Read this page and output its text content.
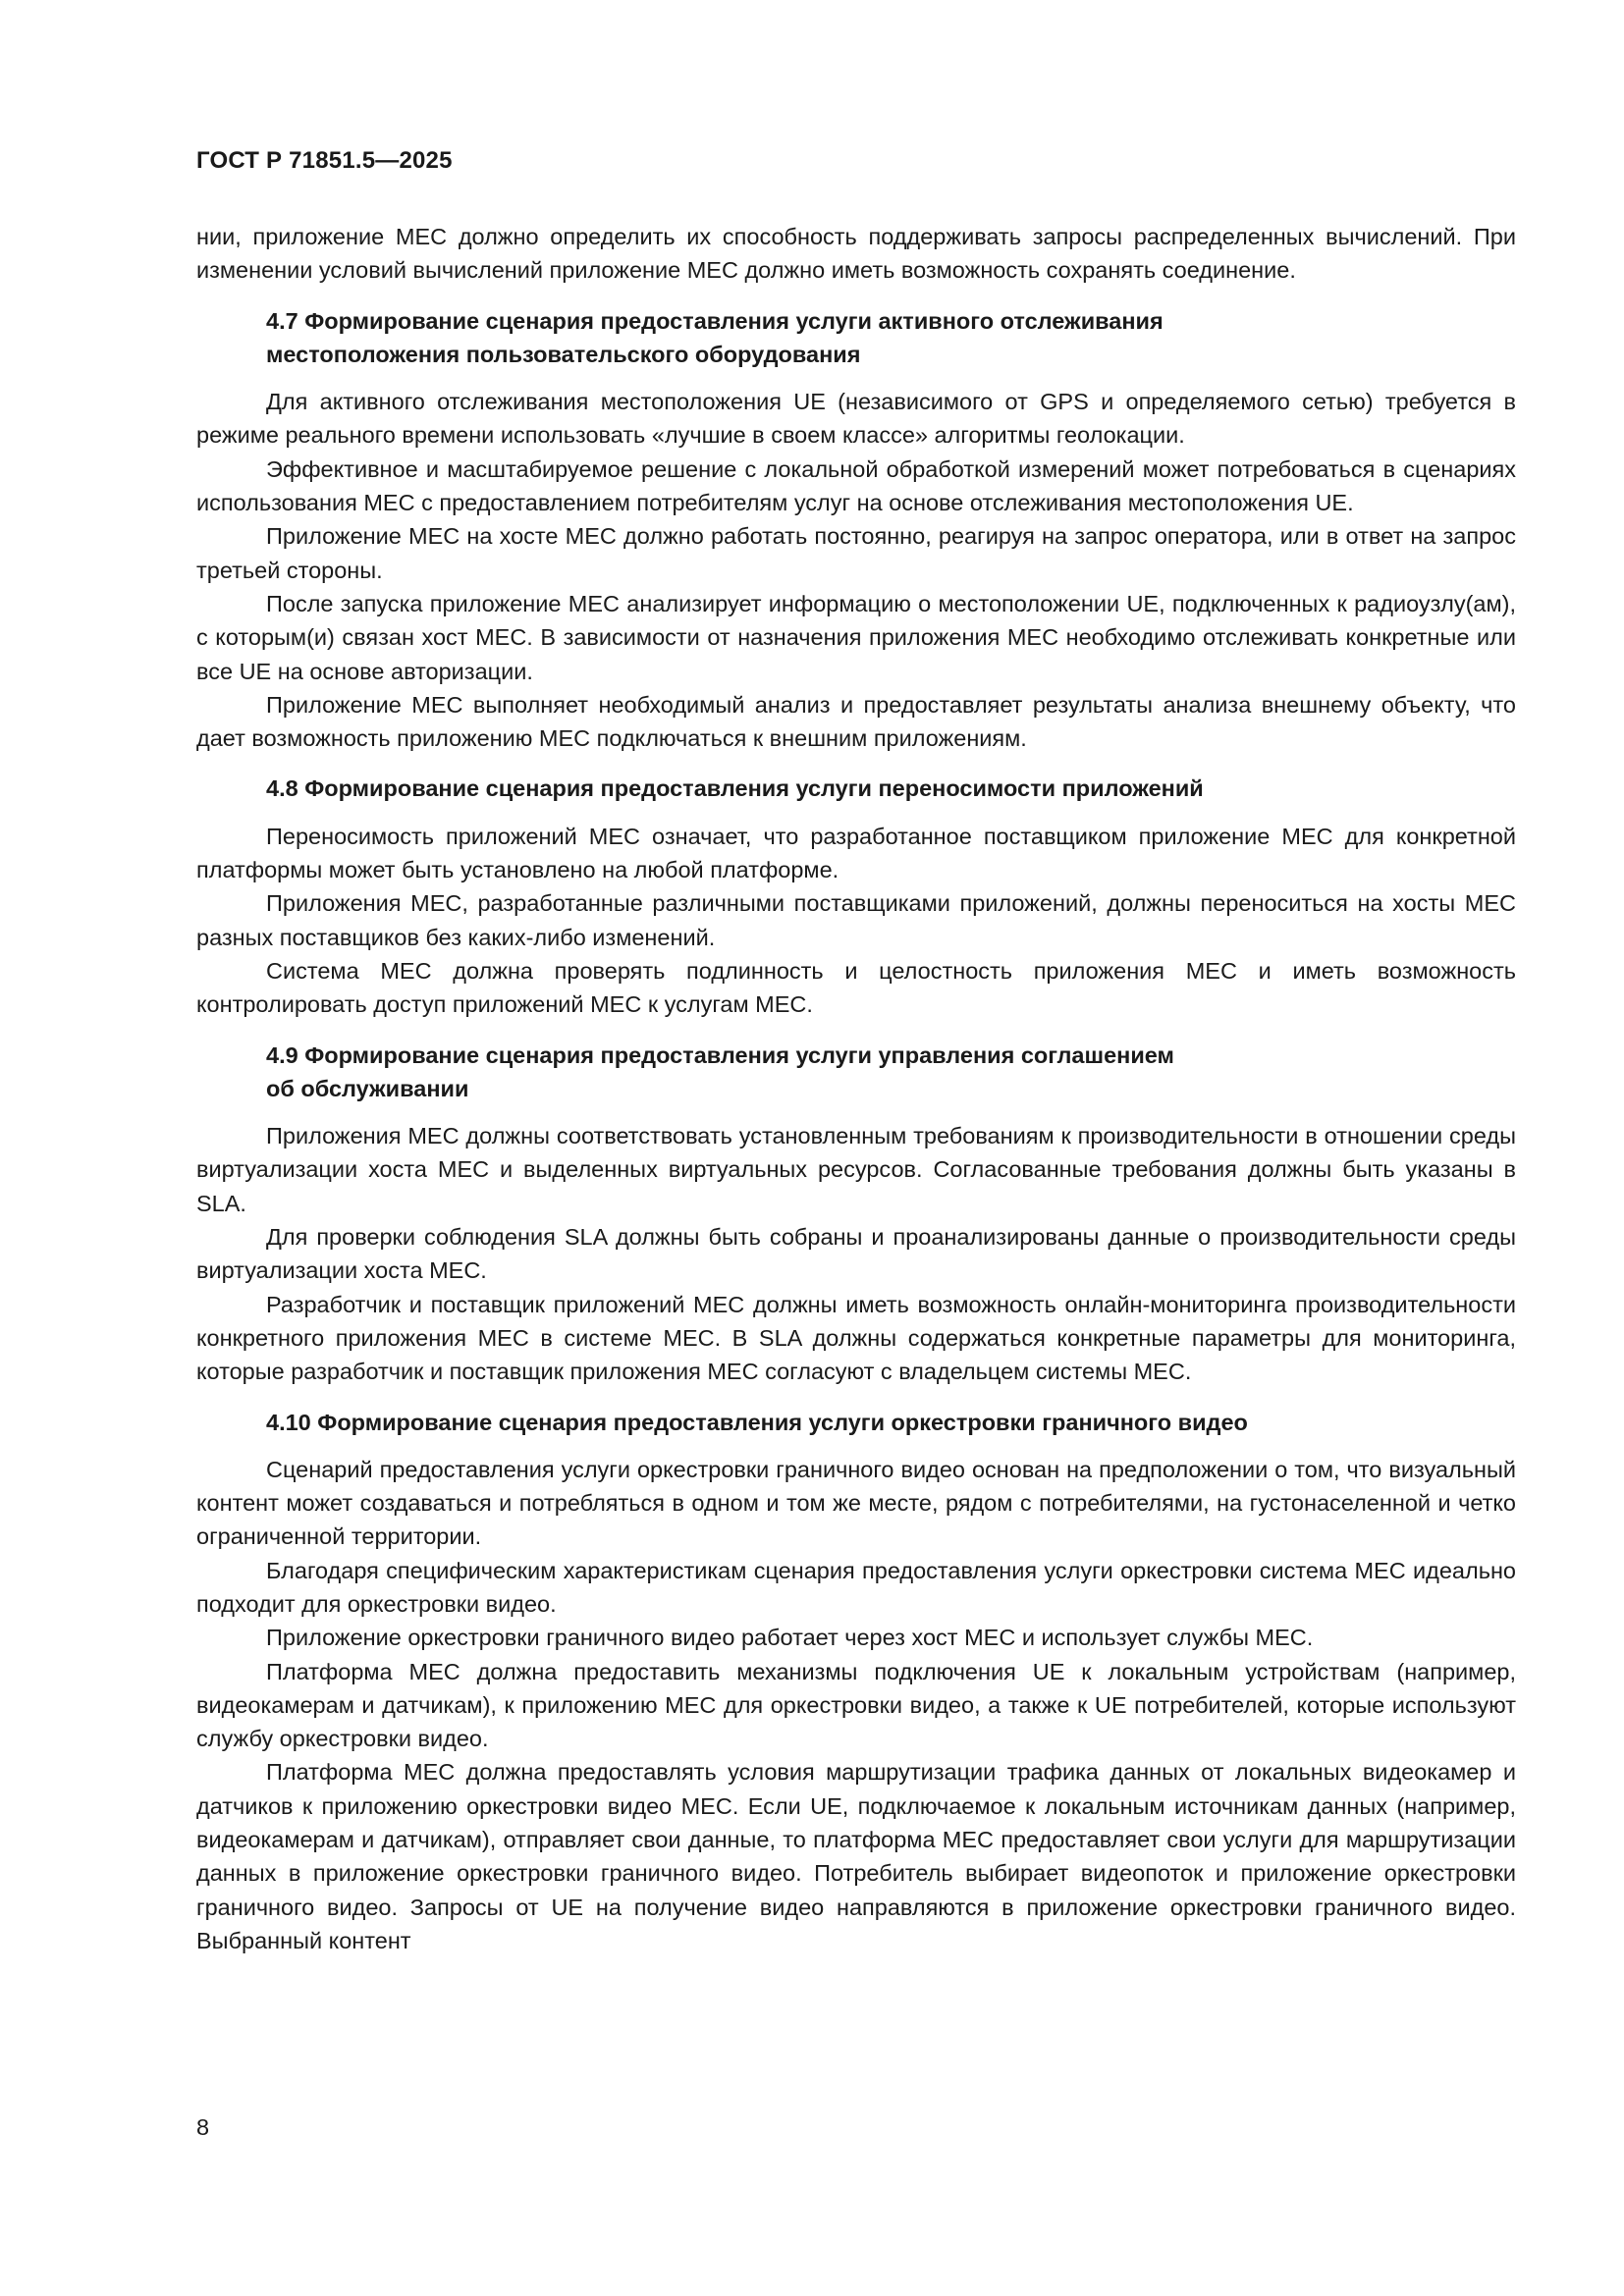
ГОСТ Р 71851.5—2025

нии, приложение MEC должно определить их способность поддерживать запросы распределенных вычислений. При изменении условий вычислений приложение MEC должно иметь возможность сохранять соединение.

4.7 Формирование сценария предоставления услуги активного отслеживания
местоположения пользовательского оборудования

Для активного отслеживания местоположения UE (независимого от GPS и определяемого сетью) требуется в режиме реального времени использовать «лучшие в своем классе» алгоритмы геолокации.

Эффективное и масштабируемое решение с локальной обработкой измерений может потребоваться в сценариях использования MEC с предоставлением потребителям услуг на основе отслеживания местоположения UE.

Приложение MEC на хосте MEC должно работать постоянно, реагируя на запрос оператора, или в ответ на запрос третьей стороны.

После запуска приложение MEC анализирует информацию о местоположении UE, подключенных к радиоузлу(ам), с которым(и) связан хост MEC. В зависимости от назначения приложения MEC необходимо отслеживать конкретные или все UE на основе авторизации.

Приложение MEC выполняет необходимый анализ и предоставляет результаты анализа внешнему объекту, что дает возможность приложению MEC подключаться к внешним приложениям.

4.8 Формирование сценария предоставления услуги переносимости приложений

Переносимость приложений MEC означает, что разработанное поставщиком приложение MEC для конкретной платформы может быть установлено на любой платформе.

Приложения MEC, разработанные различными поставщиками приложений, должны переноситься на хосты MEC разных поставщиков без каких-либо изменений.

Система MEC должна проверять подлинность и целостность приложения MEC и иметь возможность контролировать доступ приложений MEC к услугам MEC.

4.9 Формирование сценария предоставления услуги управления соглашением
об обслуживании

Приложения MEC должны соответствовать установленным требованиям к производительности в отношении среды виртуализации хоста MEC и выделенных виртуальных ресурсов. Согласованные требования должны быть указаны в SLA.

Для проверки соблюдения SLA должны быть собраны и проанализированы данные о производительности среды виртуализации хоста MEC.

Разработчик и поставщик приложений MEC должны иметь возможность онлайн-мониторинга производительности конкретного приложения MEC в системе MEC. В SLA должны содержаться конкретные параметры для мониторинга, которые разработчик и поставщик приложения MEC согласуют с владельцем системы MEC.

4.10 Формирование сценария предоставления услуги оркестровки граничного видео

Сценарий предоставления услуги оркестровки граничного видео основан на предположении о том, что визуальный контент может создаваться и потребляться в одном и том же месте, рядом с потребителями, на густонаселенной и четко ограниченной территории.

Благодаря специфическим характеристикам сценария предоставления услуги оркестровки система MEC идеально подходит для оркестровки видео.

Приложение оркестровки граничного видео работает через хост MEC и использует службы MEC.

Платформа MEC должна предоставить механизмы подключения UE к локальным устройствам (например, видеокамерам и датчикам), к приложению MEC для оркестровки видео, а также к UE потребителей, которые используют службу оркестровки видео.

Платформа MEC должна предоставлять условия маршрутизации трафика данных от локальных видеокамер и датчиков к приложению оркестровки видео MEC. Если UE, подключаемое к локальным источникам данных (например, видеокамерам и датчикам), отправляет свои данные, то платформа MEC предоставляет свои услуги для маршрутизации данных в приложение оркестровки граничного видео. Потребитель выбирает видеопоток и приложение оркестровки граничного видео. Запросы от UE на получение видео направляются в приложение оркестровки граничного видео. Выбранный контент

8
